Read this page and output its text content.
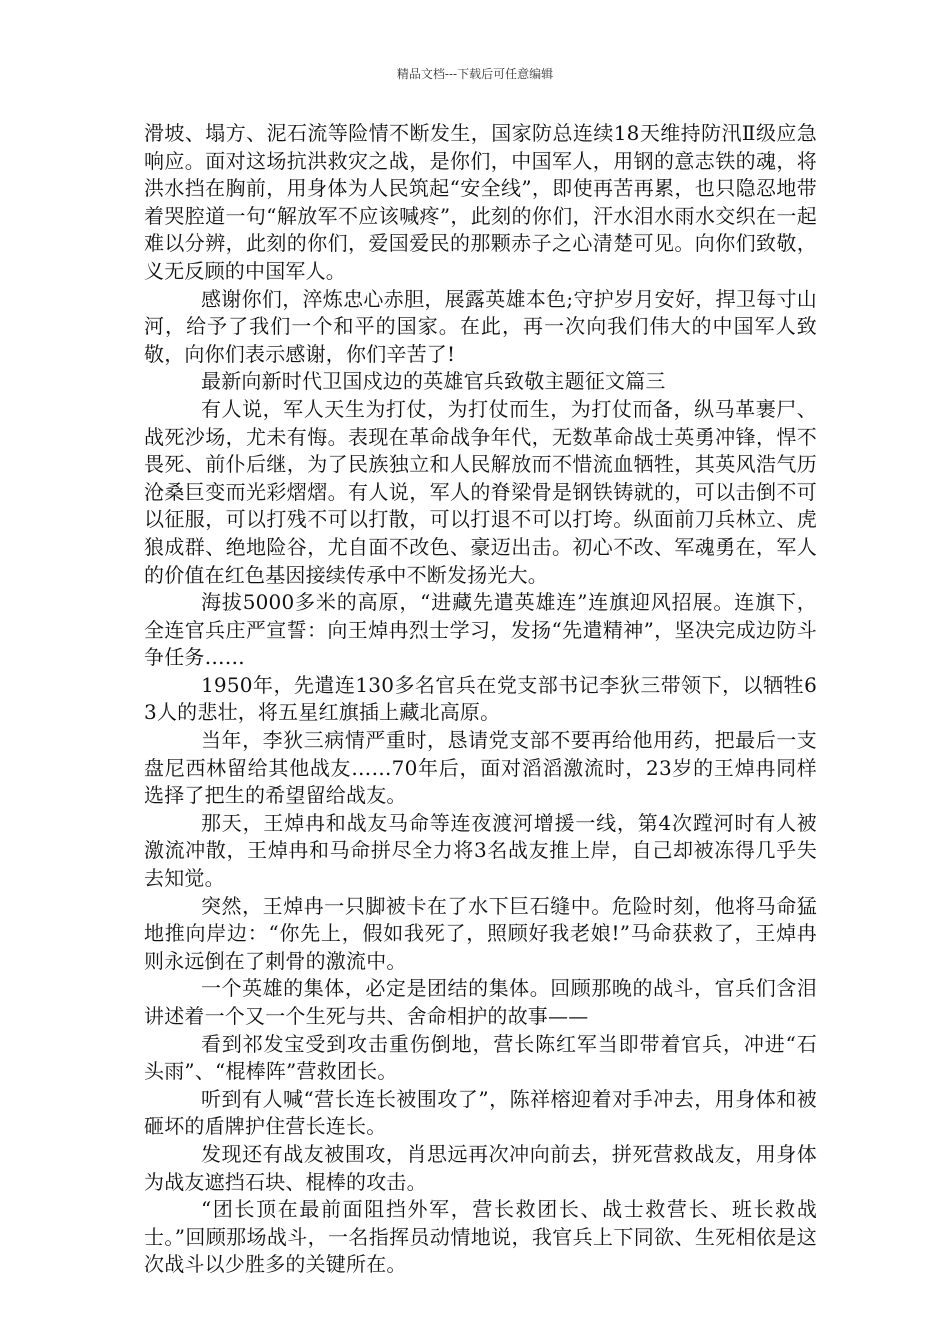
精品文档---下载后可任意编辑

滑坡、塌方、泥石流等险情不断发生，国家防总连续18天维持防汛Ⅱ级应急响应。面对这场抗洪救灾之战，是你们，中国军人，用钢的意志铁的魂，将洪水挡在胸前，用身体为人民筑起“安全线”，即使再苦再累，也只隐忍地带着哭腔道一句“解放军不应该喊疼”，此刻的你们，汗水泪水雨水交织在一起难以分辨，此刻的你们，爱国爱民的那颗赤子之心清楚可见。向你们致敬，义无反顾的中国军人。

感谢你们，淬炼忠心赤胆，展露英雄本色;守护岁月安好，捍卫每寸山河，给予了我们一个和平的国家。在此，再一次向我们伟大的中国军人致敬，向你们表示感谢，你们辛苦了!

最新向新时代卫国戍边的英雄官兵致敬主题征文篇三

有人说，军人天生为打仗，为打仗而生，为打仗而备，纵马革裹尸、战死沙场，尤未有悔。表现在革命战争年代，无数革命战士英勇冲锋，悍不畏死、前仆后继，为了民族独立和人民解放而不惜流血牺牲，其英风浩气历沧桑巨变而光彩熠熠。有人说，军人的脊梁骨是钢铁铸就的，可以击倒不可以征服，可以打残不可以打散，可以打退不可以打垮。纵面前刀兵林立、虎狼成群、绝地险谷，尤自面不改色、豪迈出击。初心不改、军魂勇在，军人的价值在红色基因接续传承中不断发扬光大。

海拔5000多米的高原，“进藏先遣英雄连”连旗迎风招展。连旗下，全连官兵庄严宣誓：向王焯冉烈士学习，发扬“先遣精神”，坚决完成边防斗争任务……

1950年，先遣连130多名官兵在党支部书记李狄三带领下，以牺牲63人的悲壮，将五星红旗插上藏北高原。

当年，李狄三病情严重时，恳请党支部不要再给他用药，把最后一支盘尼西林留给其他战友……70年后，面对滔滔激流时，23岁的王焯冉同样选择了把生的希望留给战友。

那天，王焯冉和战友马命等连夜渡河增援一线，第4次蹚河时有人被激流冲散，王焯冉和马命拼尽全力将3名战友推上岸，自己却被冻得几乎失去知觉。

突然，王焯冉一只脚被卡在了水下巨石缝中。危险时刻，他将马命猛地推向岸边：“你先上，假如我死了，照顾好我老娘!”马命获救了，王焯冉则永远倒在了刺骨的激流中。

一个英雄的集体，必定是团结的集体。回顾那晚的战斗，官兵们含泪讲述着一个又一个生死与共、舍命相护的故事——

看到祁发宝受到攻击重伤倒地，营长陈红军当即带着官兵，冲进“石头雨”、“棍棒阵”营救团长。

听到有人喊“营长连长被围攻了”，陈祥榕迎着对手冲去，用身体和被砸坏的盾牌护住营长连长。

发现还有战友被围攻，肖思远再次冲向前去，拼死营救战友，用身体为战友遮挡石块、棍棒的攻击。

“团长顶在最前面阻挡外军，营长救团长、战士救营长、班长救战士。”回顾那场战斗，一名指挥员动情地说，我官兵上下同欲、生死相依是这次战斗以少胜多的关键所在。
